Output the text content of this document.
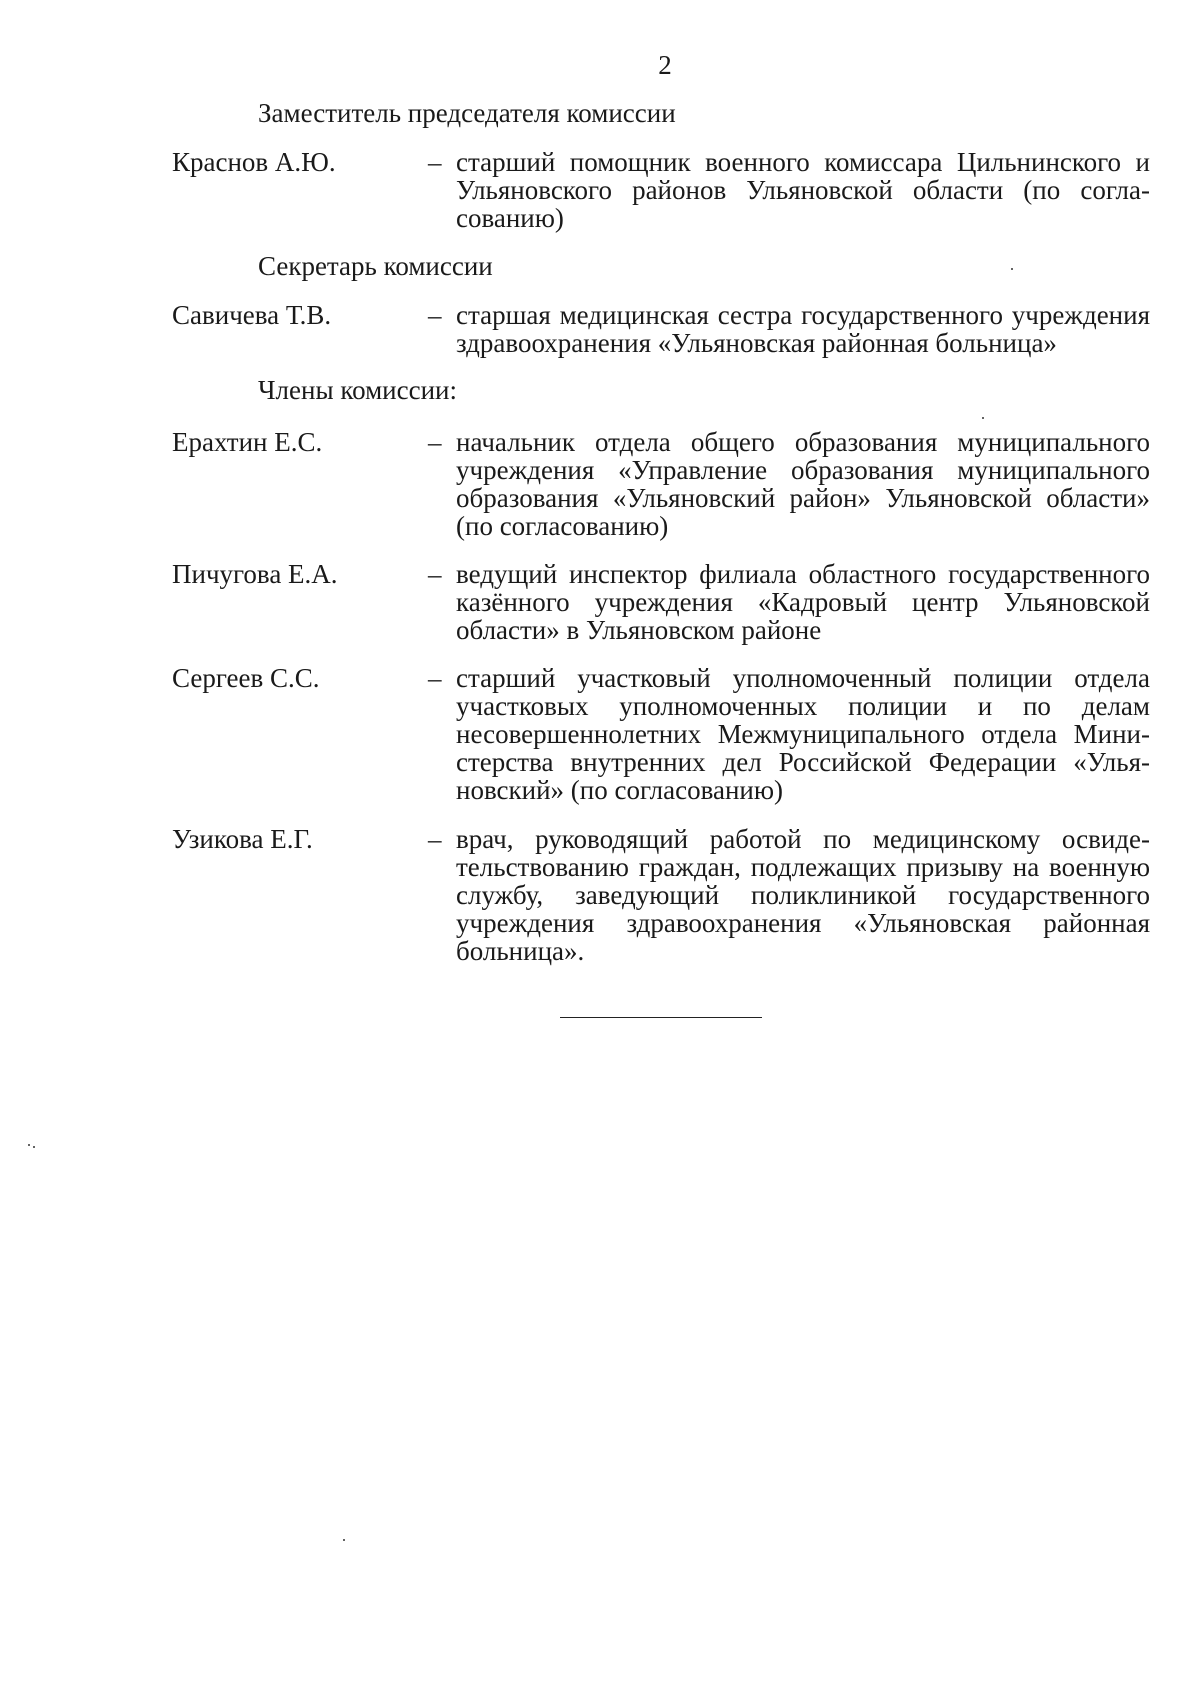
2
Заместитель председателя комиссии
Краснов А.Ю.	– старший помощник военного комиссара Цильнинского и Ульяновского районов Ульяновской области (по согласованию)
Секретарь комиссии
Савичева Т.В.	– старшая медицинская сестра государственного учреждения здравоохранения «Ульяновская районная больница»
Члены комиссии:
Ерахтин Е.С.	– начальник отдела общего образования муниципального учреждения «Управление образования муниципального образования «Ульяновский район» Ульяновской области» (по согласованию)
Пичугова Е.А.	– ведущий инспектор филиала областного государственного казённого учреждения «Кадровый центр Ульяновской области» в Ульяновском районе
Сергеев С.С.	– старший участковый уполномоченный полиции отдела участковых уполномоченных полиции и по делам несовершеннолетних Межмуниципального отдела Министерства внутренних дел Российской Федерации «Ульяновский» (по согласованию)
Узикова Е.Г.	– врач, руководящий работой по медицинскому освидетельствованию граждан, подлежащих призыву на военную службу, заведующий поликлиникой государственного учреждения здравоохранения «Ульяновская районная больница».
